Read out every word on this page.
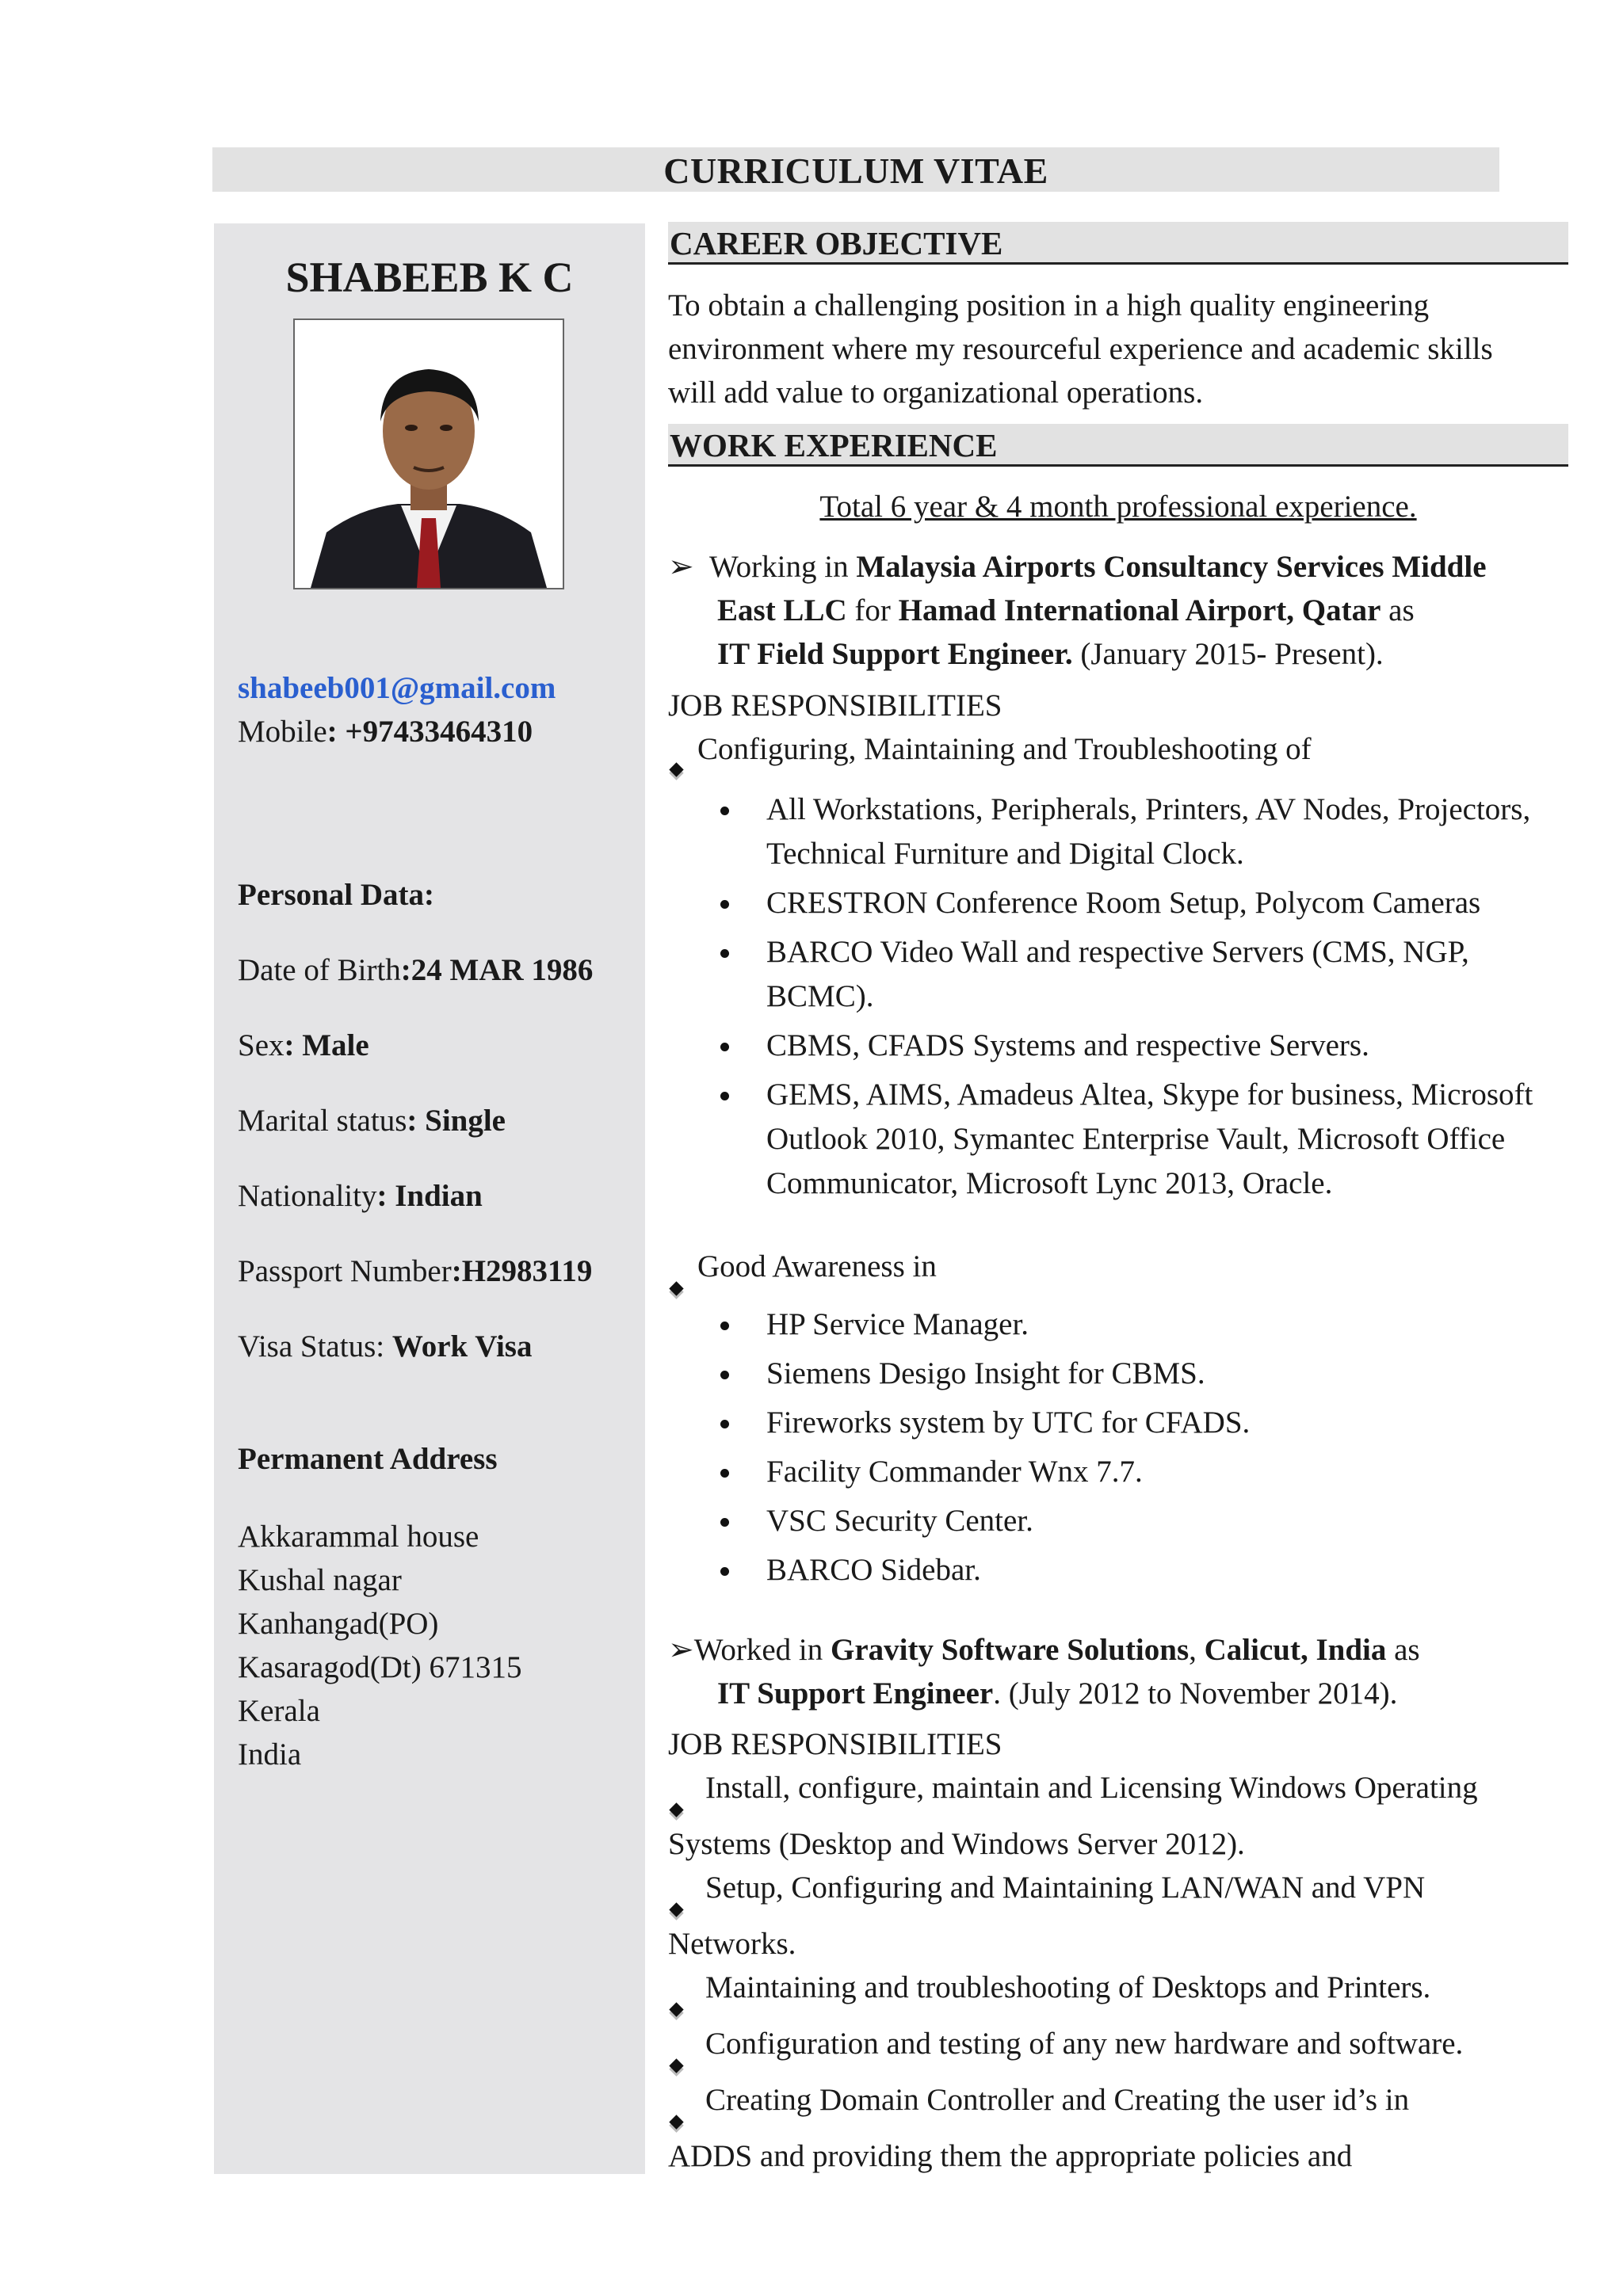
CURRICULUM VITAE
SHABEEB K C
shabeeb001@gmail.com
Mobile: +97433464310
Personal Data:
Date of Birth:24 MAR 1986
Sex: Male
Marital status: Single
Nationality: Indian
Passport Number:H2983119
Visa Status: Work Visa
Permanent Address
Akkarammal house
Kushal nagar
Kanhangad(PO)
Kasaragod(Dt) 671315
Kerala
India
CAREER OBJECTIVE
To obtain a challenging position in a high quality engineering
environment where my resourceful experience and academic skills
will add value to organizational operations.
WORK EXPERIENCE
Total 6 year & 4 month professional experience.
➢ Working in Malaysia Airports Consultancy Services Middle
East LLC for Hamad International Airport, Qatar as
IT Field Support Engineer. (January 2015- Present).
JOB RESPONSIBILITIES
Configuring, Maintaining and Troubleshooting of
All Workstations, Peripherals, Printers, AV Nodes, Projectors, Technical Furniture and Digital Clock.
CRESTRON Conference Room Setup, Polycom Cameras
BARCO Video Wall and respective Servers (CMS, NGP, BCMC).
CBMS, CFADS Systems and respective Servers.
GEMS, AIMS, Amadeus Altea, Skype for business, Microsoft Outlook 2010, Symantec Enterprise Vault, Microsoft Office Communicator, Microsoft Lync 2013, Oracle.
Good Awareness in
HP Service Manager.
Siemens Desigo Insight for CBMS.
Fireworks system by UTC for CFADS.
Facility Commander Wnx 7.7.
VSC Security Center.
BARCO Sidebar.
➢Worked in Gravity Software Solutions, Calicut, India as
IT Support Engineer. (July 2012 to November 2014).
JOB RESPONSIBILITIES
Install, configure, maintain and Licensing Windows Operating
Systems (Desktop and Windows Server 2012).
Setup, Configuring and Maintaining LAN/WAN and VPN
Networks.
Maintaining and troubleshooting of Desktops and Printers.
Configuration and testing of any new hardware and software.
Creating Domain Controller and Creating the user id’s in
ADDS and providing them the appropriate policies and
